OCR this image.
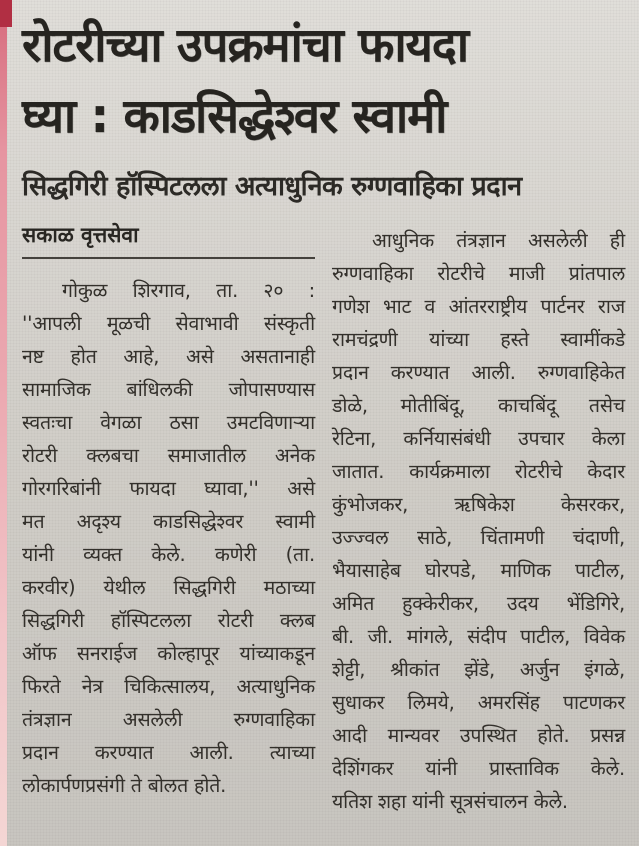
रोटरीच्या उपक्रमांचा फायदा
घ्या : काडसिद्धेश्वर स्वामी
सिद्धगिरी हॉस्पिटलला अत्याधुनिक रुग्णवाहिका प्रदान
सकाळ वृत्तसेवा
गोकुळ शिरगाव, ता. २० :
''आपली मूळची सेवाभावी संस्कृती
नष्ट होत आहे, असे असतानाही
सामाजिक बांधिलकी जोपासण्यास
स्वतःचा वेगळा ठसा उमटविणाऱ्या
रोटरी क्लबचा समाजातील अनेक
गोरगरिबांनी फायदा घ्यावा,'' असे
मत अदृश्य काडसिद्धेश्वर स्वामी
यांनी व्यक्त केले. कणेरी (ता.
करवीर) येथील सिद्धगिरी मठाच्या
सिद्धगिरी हॉस्पिटलला रोटरी क्लब
ऑफ सनराईज कोल्हापूर यांच्याकडून
फिरते नेत्र चिकित्सालय, अत्याधुनिक
तंत्रज्ञान असलेली रुग्णवाहिका
प्रदान करण्यात आली. त्याच्या
लोकार्पणप्रसंगी ते बोलत होते.
आधुनिक तंत्रज्ञान असलेली ही
रुग्णवाहिका रोटरीचे माजी प्रांतपाल
गणेश भाट व आंतरराष्ट्रीय पार्टनर राज
रामचंद्रणी यांच्या हस्ते स्वामींकडे
प्रदान करण्यात आली. रुग्णवाहिकेत
डोळे, मोतीबिंदू, काचबिंदू तसेच
रेटिना, कर्नियासंबंधी उपचार केला
जातात. कार्यक्रमाला रोटरीचे केदार
कुंभोजकर, ऋषिकेश केसरकर,
उज्ज्वल साठे, चिंतामणी चंदाणी,
भैयासाहेब घोरपडे, माणिक पाटील,
अमित हुक्केरीकर, उदय भेंडिगिरे,
बी. जी. मांगले, संदीप पाटील, विवेक
शेट्टी, श्रीकांत झेंडे, अर्जुन इंगळे,
सुधाकर लिमये, अमरसिंह पाटणकर
आदी मान्यवर उपस्थित होते. प्रसन्न
देशिंगकर यांनी प्रास्ताविक केले.
यतिश शहा यांनी सूत्रसंचालन केले.
